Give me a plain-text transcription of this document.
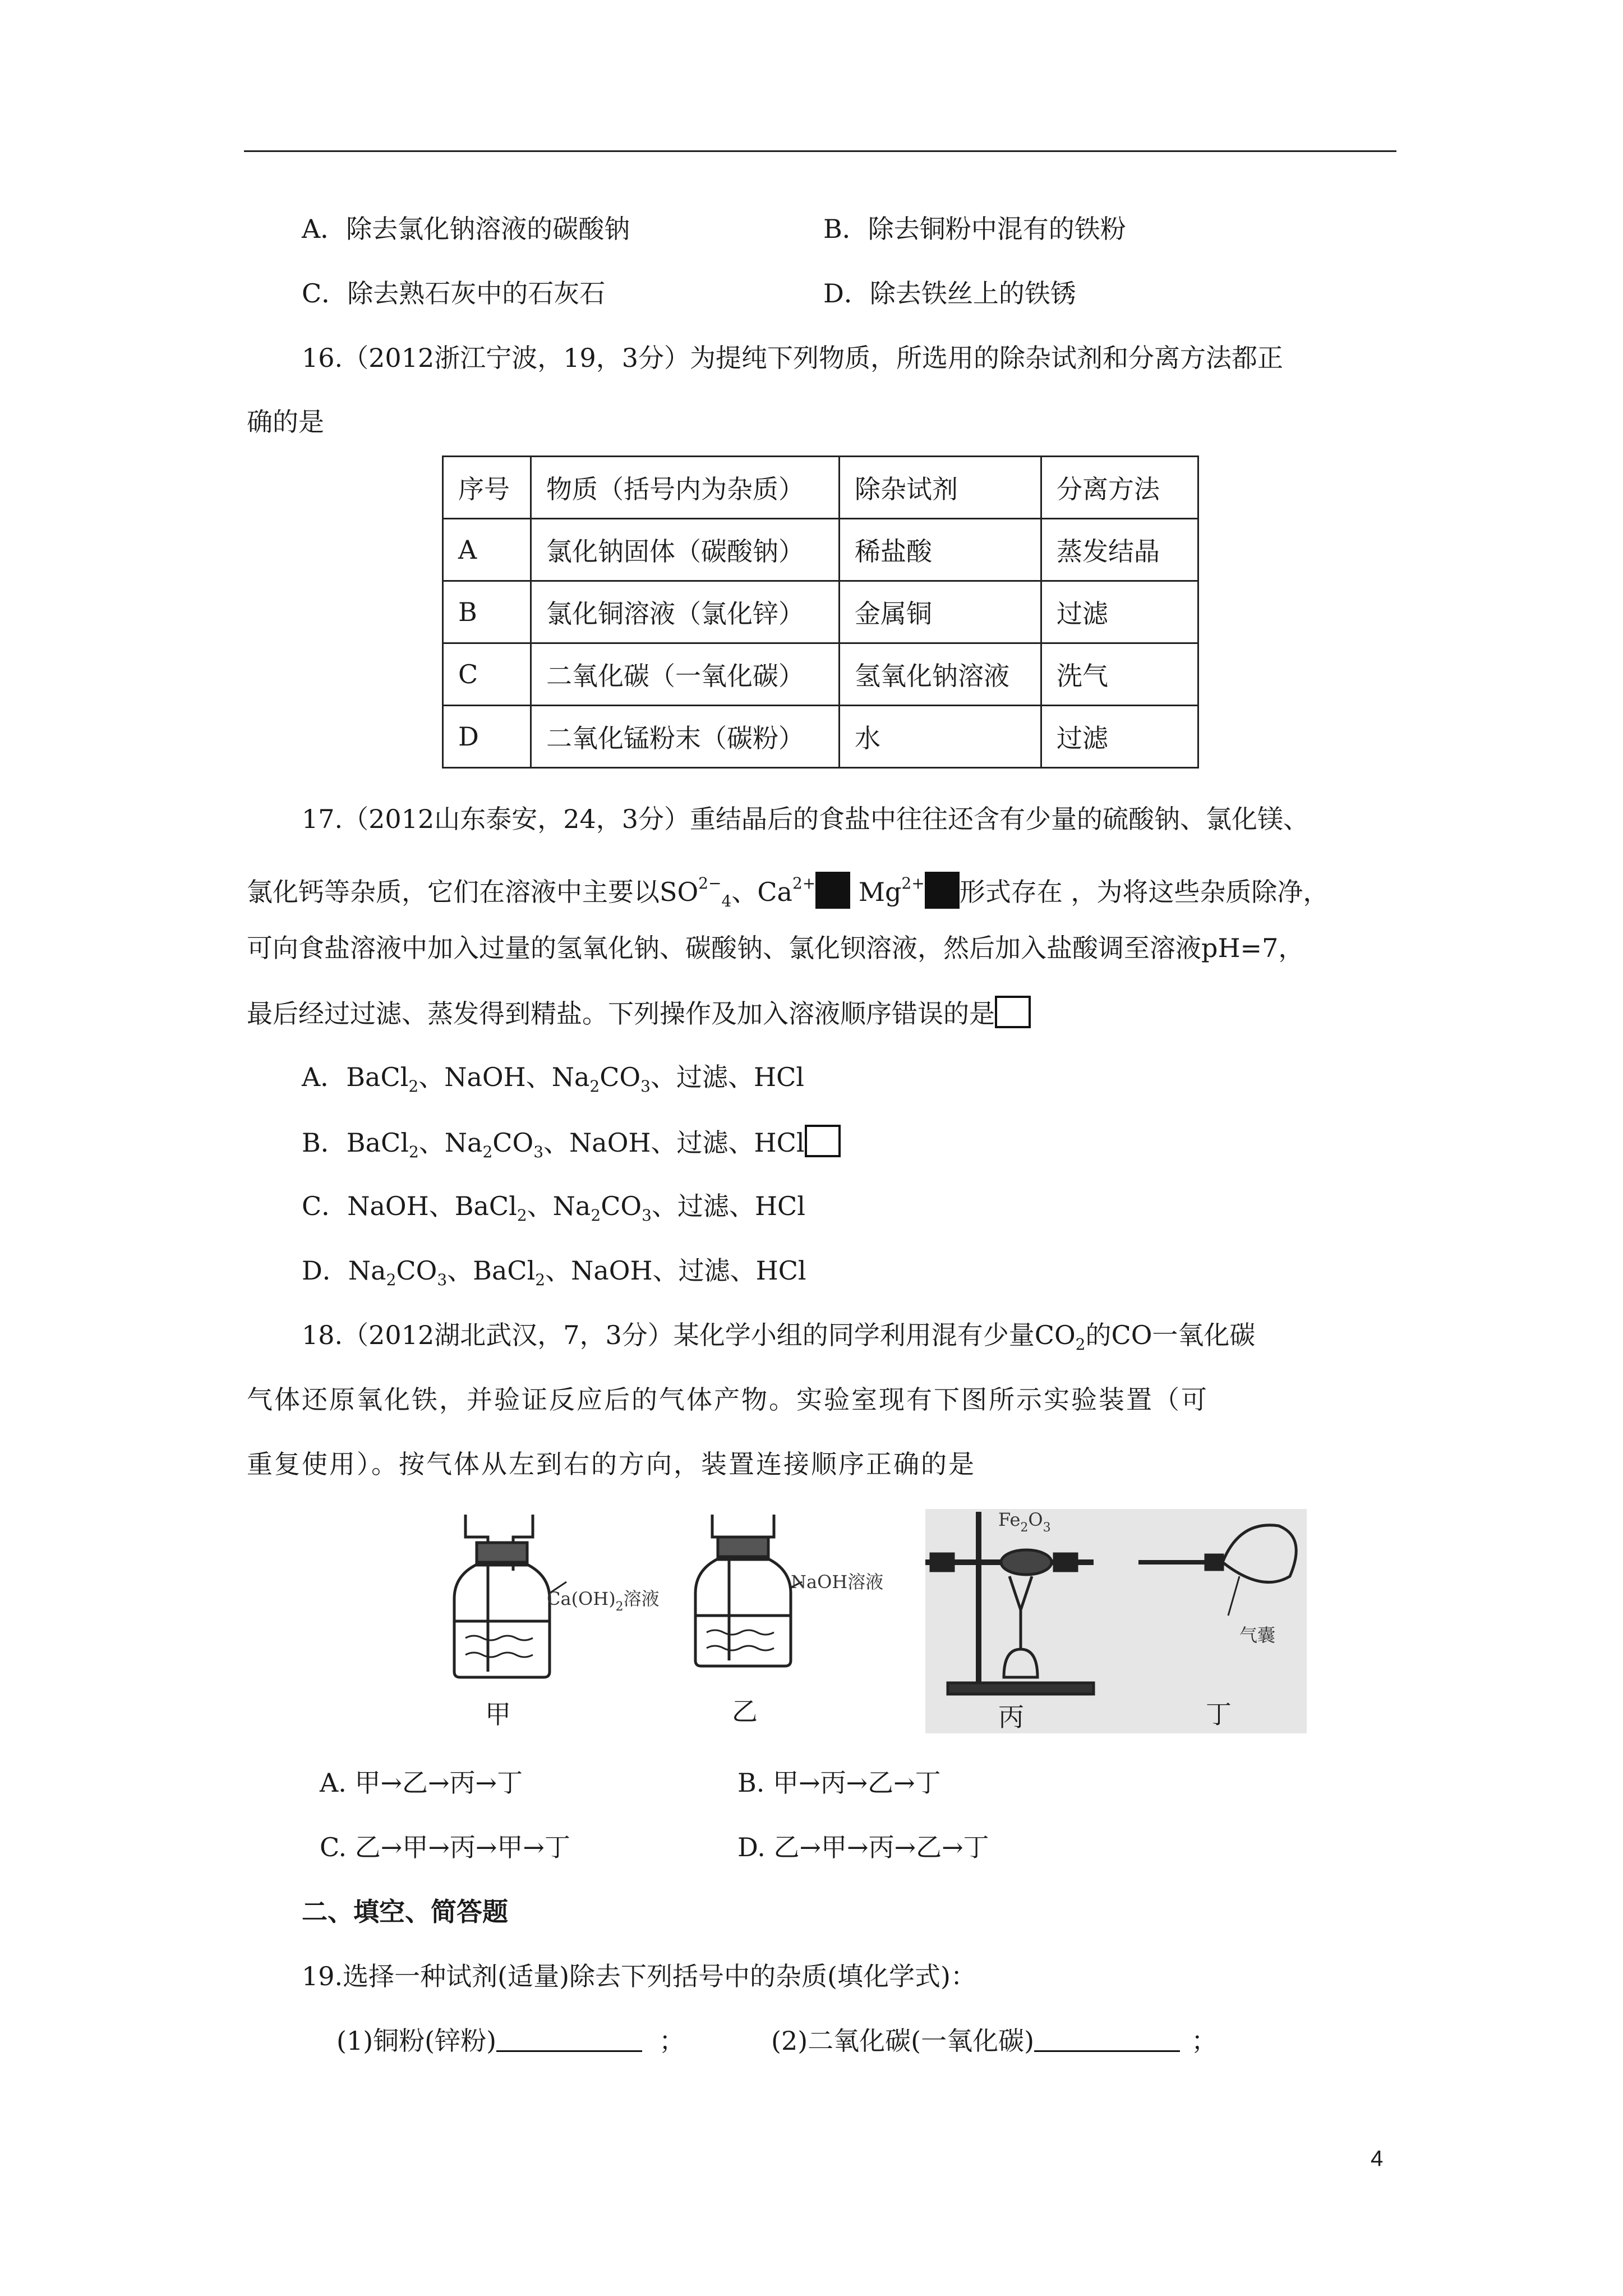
A．除去氯化钠溶液的碳酸钠	B．除去铜粉中混有的铁粉
C．除去熟石灰中的石灰石	D．除去铁丝上的铁锈
16.（2012浙江宁波，19，3分）为提纯下列物质，所选用的除杂试剂和分离方法都正
确的是
序号	物质（括号内为杂质）	除杂试剂	分离方法
A	氯化钠固体（碳酸钠）	稀盐酸	蒸发结晶
B	氯化铜溶液（氯化锌）	金属铜	过滤
C	二氧化碳（一氧化碳）	氢氧化钠溶液	洗气
D	二氧化锰粉末（碳粉）	水	过滤
17.（2012山东泰安，24，3分）重结晶后的食盐中往往还含有少量的硫酸钠、氯化镁、
氯化钙等杂质，它们在溶液中主要以$SO^{2-}_4$、$Ca^{2+}$ $Mg^{2+}$ 形式存在 ，为将这些杂质除净，
可向食盐溶液中加入过量的氢氧化钠、碳酸钠、氯化钡溶液，然后加入盐酸调至溶液pH=7，
最后经过过滤、蒸发得到精盐。下列操作及加入溶液顺序错误的是
A．BaCl$_2$、NaOH、$Na_2CO_3$、过滤、HCl
B．BaCl$_2$、$Na_2CO_3$、NaOH、过滤、HCl
C．NaOH、BaCl$_2$、$Na_2CO_3$、过滤、HCl
D．$Na_2CO_3$、BaCl$_2$、NaOH、过滤、HCl
18.（2012湖北武汉，7，3分）某化学小组的同学利用混有少量$CO_2$的CO一氧化碳
气体还原氧化铁，并验证反应后的气体产物。实验室现有下图所示实验装置（可
重复使用）。按气体从左到右的方向，装置连接顺序正确的是
$Ca(OH)_2$溶液
NaOH溶液
$Fe_2O_3$
气囊
甲	乙	丙	丁
A. 甲→乙→丙→丁	B. 甲→丙→乙→丁
C. 乙→甲→丙→甲→丁	D. 乙→甲→丙→乙→丁
二、填空、简答题
19.选择一种试剂(适量)除去下列括号中的杂质(填化学式)：
(1)铜粉(锌粉)	；	(2)二氧化碳(一氧化碳)	；
4
